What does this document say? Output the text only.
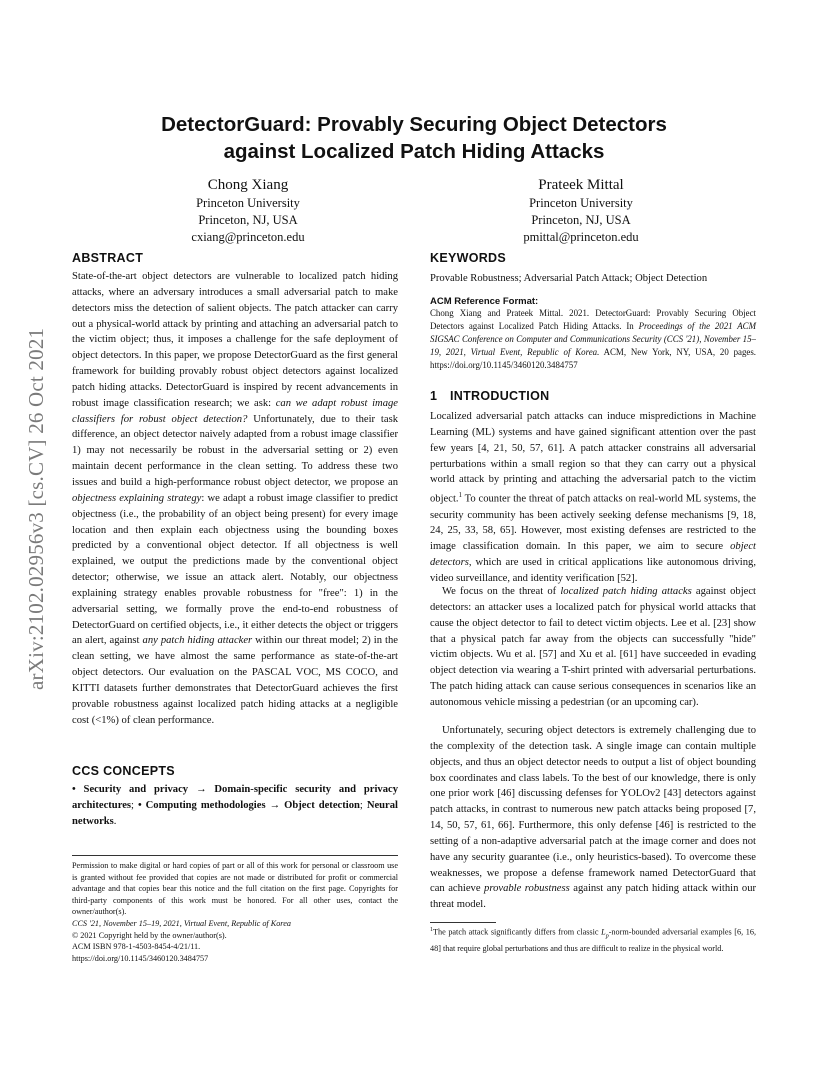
arXiv:2102.02956v3 [cs.CV] 26 Oct 2021
DetectorGuard: Provably Securing Object Detectors
against Localized Patch Hiding Attacks
Chong Xiang
Princeton University
Princeton, NJ, USA
cxiang@princeton.edu
Prateek Mittal
Princeton University
Princeton, NJ, USA
pmittal@princeton.edu
ABSTRACT

State-of-the-art object detectors are vulnerable to localized patch hiding attacks, where an adversary introduces a small adversarial patch to make detectors miss the detection of salient objects. The patch attacker can carry out a physical-world attack by printing and attaching an adversarial patch to the victim object; thus, it imposes a challenge for the safe deployment of object detectors. In this paper, we propose DetectorGuard as the first general framework for building provably robust object detectors against localized patch hiding attacks. DetectorGuard is inspired by recent advancements in robust image classification research; we ask: can we adapt robust image classifiers for robust object detection? Unfortunately, due to their task difference, an object detector naively adapted from a robust image classifier 1) may not necessarily be robust in the adversarial setting or 2) even maintain decent performance in the clean setting. To address these two issues and build a high-performance robust object detector, we propose an objectness explaining strategy: we adapt a robust image classifier to predict objectness (i.e., the probability of an object being present) for every image location and then explain each objectness using the bounding boxes predicted by a conventional object detector. If all objectness is well explained, we output the predictions made by the conventional object detector; otherwise, we issue an attack alert. Notably, our objectness explaining strategy enables provable robustness for "free": 1) in the adversarial setting, we formally prove the end-to-end robustness of DetectorGuard on certified objects, i.e., it either detects the object or triggers an alert, against any patch hiding attacker within our threat model; 2) in the clean setting, we have almost the same performance as state-of-the-art object detectors. Our evaluation on the PASCAL VOC, MS COCO, and KITTI datasets further demonstrates that DetectorGuard achieves the first provable robustness against localized patch hiding attacks at a negligible cost (<1%) of clean performance.

CCS CONCEPTS

• Security and privacy → Domain-specific security and privacy architectures; • Computing methodologies → Object detection; Neural networks.

Permission to make digital or hard copies of part or all of this work for personal or classroom use is granted without fee provided that copies are not made or distributed for profit or commercial advantage and that copies bear this notice and the full citation on the first page. Copyrights for third-party components of this work must be honored. For all other uses, contact the owner/author(s).
CCS '21, November 15–19, 2021, Virtual Event, Republic of Korea
© 2021 Copyright held by the owner/author(s).
ACM ISBN 978-1-4503-8454-4/21/11.
https://doi.org/10.1145/3460120.3484757
KEYWORDS

Provable Robustness; Adversarial Patch Attack; Object Detection

ACM Reference Format:

Chong Xiang and Prateek Mittal. 2021. DetectorGuard: Provably Securing Object Detectors against Localized Patch Hiding Attacks. In Proceedings of the 2021 ACM SIGSAC Conference on Computer and Communications Security (CCS '21), November 15–19, 2021, Virtual Event, Republic of Korea. ACM, New York, NY, USA, 20 pages. https://doi.org/10.1145/3460120.3484757

1 INTRODUCTION

Localized adversarial patch attacks can induce mispredictions in Machine Learning (ML) systems and have gained significant attention over the past few years [4, 21, 50, 57, 61]. A patch attacker constrains all adversarial perturbations within a small region so that they can carry out a physical world attack by printing and attaching the adversarial patch to the victim object.$^1$ To counter the threat of patch attacks on real-world ML systems, the security community has been actively seeking defense mechanisms [9, 18, 24, 25, 33, 58, 65]. However, most existing defenses are restricted to the image classification domain. In this paper, we aim to secure object detectors, which are used in critical applications like autonomous driving, video surveillance, and identity verification [52].

We focus on the threat of localized patch hiding attacks against object detectors: an attacker uses a localized patch for physical world attacks that cause the object detector to fail to detect victim objects. Lee et al. [23] show that a physical patch far away from the objects can successfully "hide" victim objects. Wu et al. [57] and Xu et al. [61] have succeeded in evading object detection via wearing a T-shirt printed with adversarial perturbations. The patch hiding attack can cause serious consequences in scenarios like an autonomous vehicle missing a pedestrian (or an upcoming car).

Unfortunately, securing object detectors is extremely challenging due to the complexity of the detection task. A single image can contain multiple objects, and thus an object detector needs to output a list of object bounding box coordinates and class labels. To the best of our knowledge, there is only one prior work [46] discussing defenses for YOLOv2 [43] detectors against patch attacks, in contrast to numerous new patch attacks being proposed [7, 14, 50, 57, 61, 66]. Furthermore, this only defense [46] is restricted to the setting of a non-adaptive adversarial patch at the image corner and does not have any security guarantee (i.e., only heuristics-based). To overcome these weaknesses, we propose a defense framework named DetectorGuard that can achieve provable robustness against any patch hiding attack within our threat model.

$^1$The patch attack significantly differs from classic $L_p-norm$-bounded adversarial examples [6, 16, 48] that require global perturbations and thus are difficult to realize in the physical world.
